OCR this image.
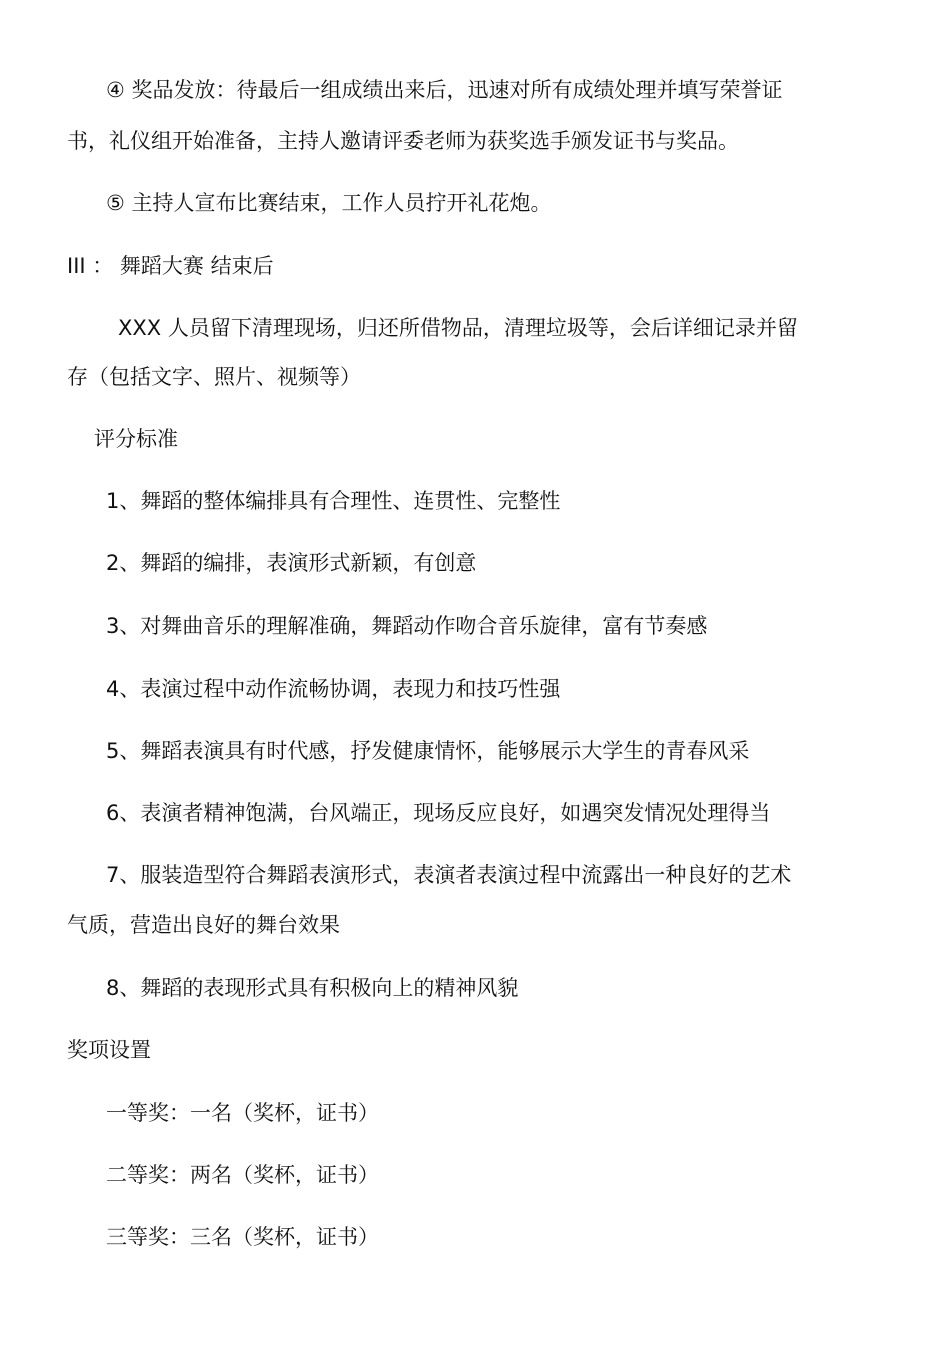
④ 奖品发放：待最后一组成绩出来后，迅速对所有成绩处理并填写荣誉证
书，礼仪组开始准备，主持人邀请评委老师为获奖选手颁发证书与奖品。
⑤ 主持人宣布比赛结束，工作人员拧开礼花炮。
III ： 舞蹈大赛 结束后
XXX 人员留下清理现场，归还所借物品，清理垃圾等，会后详细记录并留
存（包括文字、照片、视频等）
评分标准
1、舞蹈的整体编排具有合理性、连贯性、完整性
2、舞蹈的编排，表演形式新颖，有创意
3、对舞曲音乐的理解准确，舞蹈动作吻合音乐旋律，富有节奏感
4、表演过程中动作流畅协调，表现力和技巧性强
5、舞蹈表演具有时代感，抒发健康情怀，能够展示大学生的青春风采
6、表演者精神饱满，台风端正，现场反应良好，如遇突发情况处理得当
7、服装造型符合舞蹈表演形式，表演者表演过程中流露出一种良好的艺术
气质，营造出良好的舞台效果
8、舞蹈的表现形式具有积极向上的精神风貌
奖项设置
一等奖：一名（奖杯，证书）
二等奖：两名（奖杯，证书）
三等奖：三名（奖杯，证书）
